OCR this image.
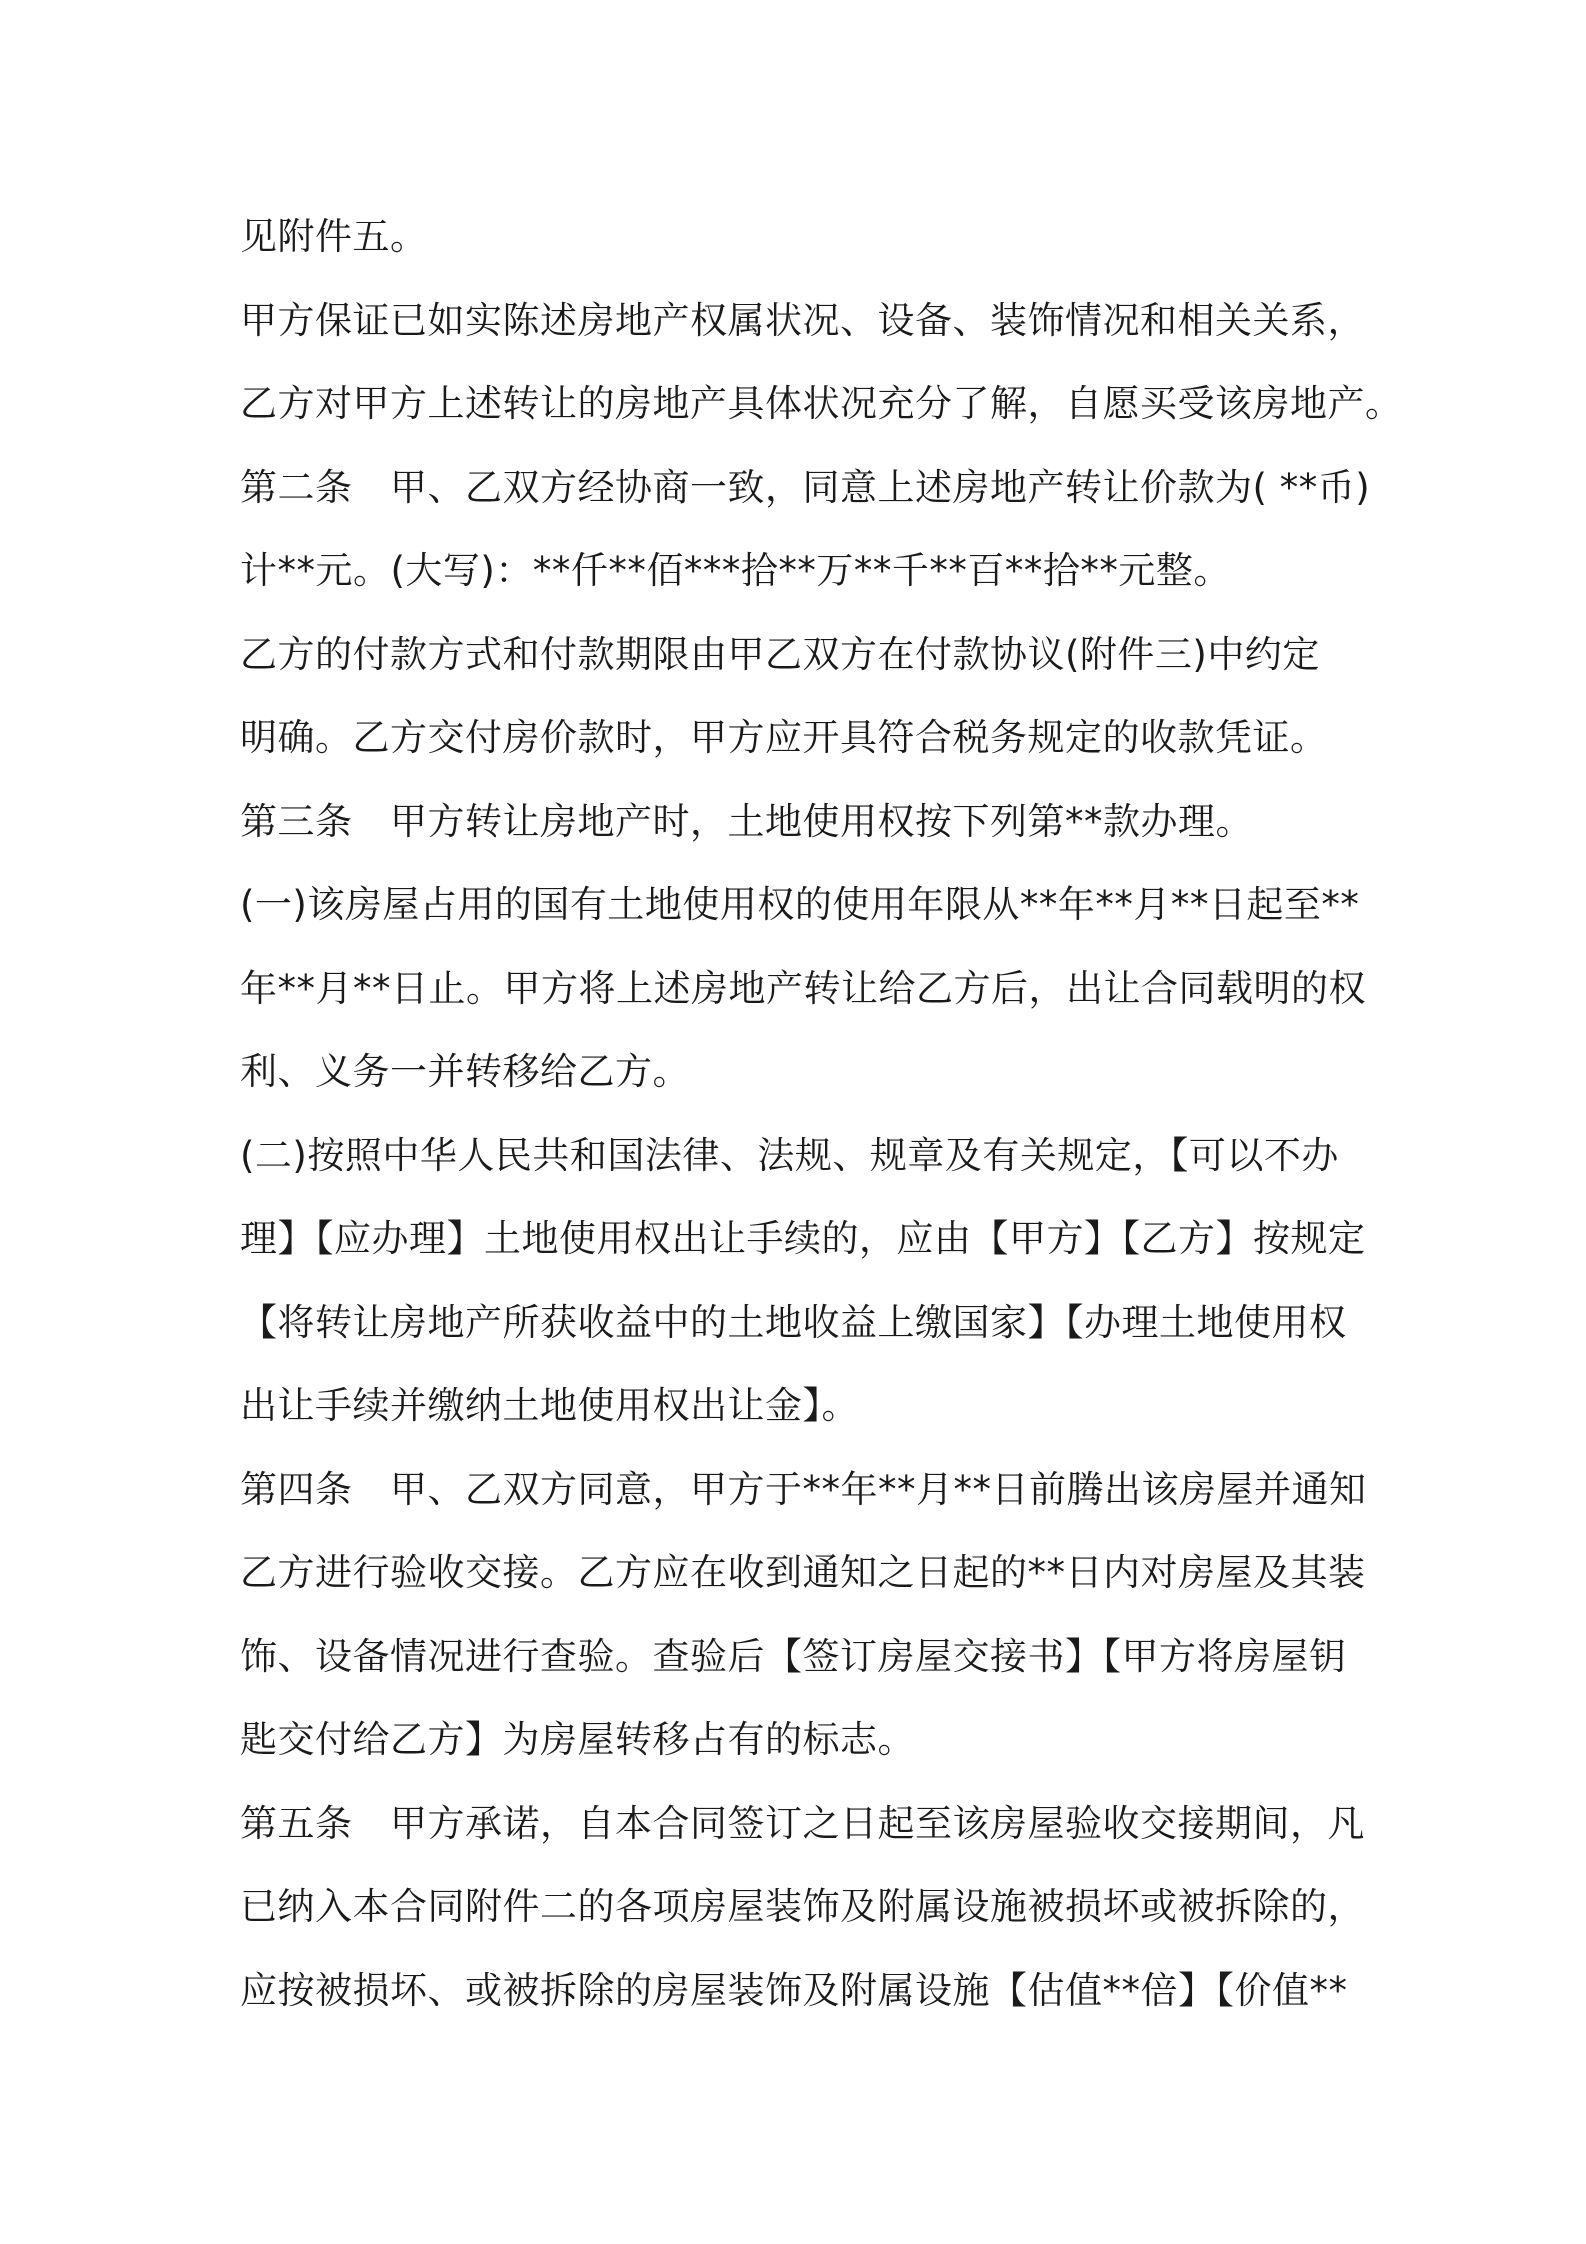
见附件五。
甲方保证已如实陈述房地产权属状况、设备、装饰情况和相关关系，
乙方对甲方上述转让的房地产具体状况充分了解，自愿买受该房地产。
第二条　甲、乙双方经协商一致，同意上述房地产转让价款为( **币)
计**元。(大写)：**仟**佰***拾**万**千**百**拾**元整。
乙方的付款方式和付款期限由甲乙双方在付款协议(附件三)中约定
明确。乙方交付房价款时，甲方应开具符合税务规定的收款凭证。
第三条　甲方转让房地产时，土地使用权按下列第**款办理。
(一)该房屋占用的国有土地使用权的使用年限从**年**月**日起至**
年**月**日止。甲方将上述房地产转让给乙方后，出让合同载明的权
利、义务一并转移给乙方。
(二)按照中华人民共和国法律、法规、规章及有关规定，【可以不办
理】【应办理】土地使用权出让手续的，应由【甲方】【乙方】按规定
【将转让房地产所获收益中的土地收益上缴国家】【办理土地使用权
出让手续并缴纳土地使用权出让金】。
第四条　甲、乙双方同意，甲方于**年**月**日前腾出该房屋并通知
乙方进行验收交接。乙方应在收到通知之日起的**日内对房屋及其装
饰、设备情况进行查验。查验后【签订房屋交接书】【甲方将房屋钥
匙交付给乙方】为房屋转移占有的标志。
第五条　甲方承诺，自本合同签订之日起至该房屋验收交接期间，凡
已纳入本合同附件二的各项房屋装饰及附属设施被损坏或被拆除的，
应按被损坏、或被拆除的房屋装饰及附属设施【估值**倍】【价值**
